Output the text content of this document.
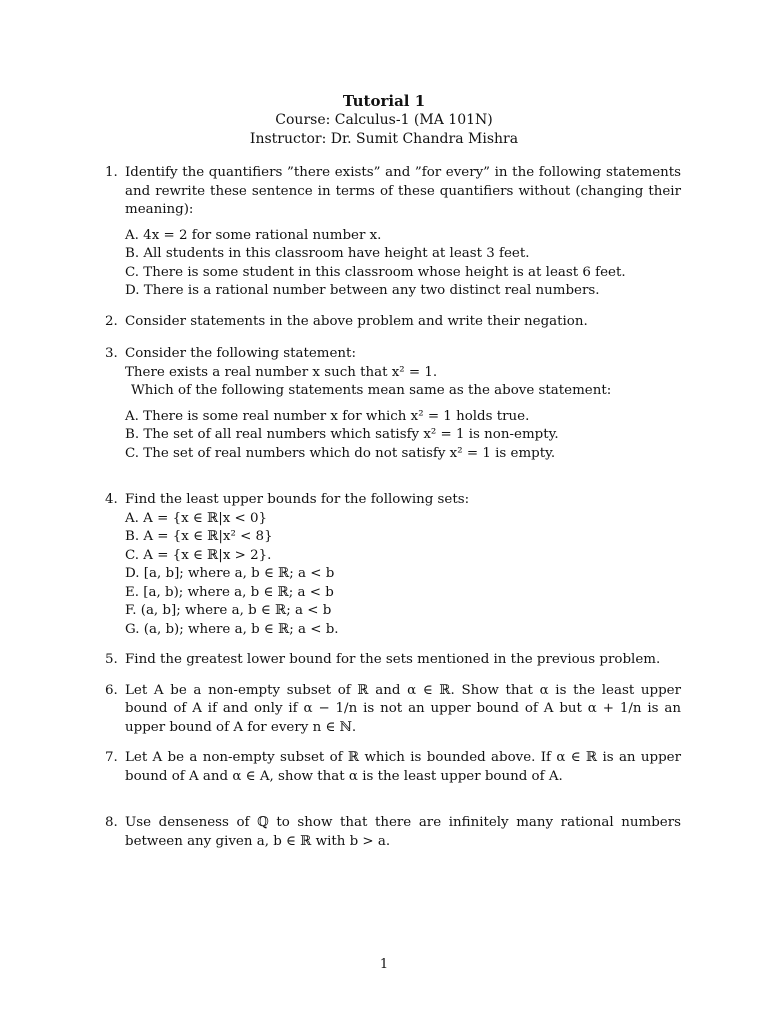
Tutorial 1
Course: Calculus-1 (MA 101N)
Instructor: Dr. Sumit Chandra Mishra
1. Identify the quantifiers ”there exists” and ”for every” in the following statements and rewrite these sentence in terms of these quantifiers without (changing their meaning):

A. 4x = 2 for some rational number x.
B. All students in this classroom have height at least 3 feet.
C. There is some student in this classroom whose height is at least 6 feet.
D. There is a rational number between any two distinct real numbers.
2. Consider statements in the above problem and write their negation.

3. Consider the following statement:

There exists a real number x such that x² = 1.

Which of the following statements mean same as the above statement:

A. There is some real number x for which x² = 1 holds true.
B. The set of all real numbers which satisfy x² = 1 is non-empty.
C. The set of real numbers which do not satisfy x² = 1 is empty.
4. Find the least upper bounds for the following sets:

A. A = {x ∈ ℝ|x < 0}
B. A = {x ∈ ℝ|x² < 8}
C. A = {x ∈ ℝ|x > 2}.
D. [a, b]; where a, b ∈ ℝ; a < b
E. [a, b); where a, b ∈ ℝ; a < b
F. (a, b]; where a, b ∈ ℝ; a < b
G. (a, b); where a, b ∈ ℝ; a < b.
5. Find the greatest lower bound for the sets mentioned in the previous problem.

6. Let A be a non-empty subset of ℝ and α ∈ ℝ. Show that α is the least upper bound of A if and only if α − 1/n is not an upper bound of A but α + 1/n is an upper bound of A for every n ∈ ℕ.

7. Let A be a non-empty subset of ℝ which is bounded above. If α ∈ ℝ is an upper bound of A and α ∈ A, show that α is the least upper bound of A.

8. Use denseness of ℚ to show that there are infinitely many rational numbers between any given a, b ∈ ℝ with b > a.

1
